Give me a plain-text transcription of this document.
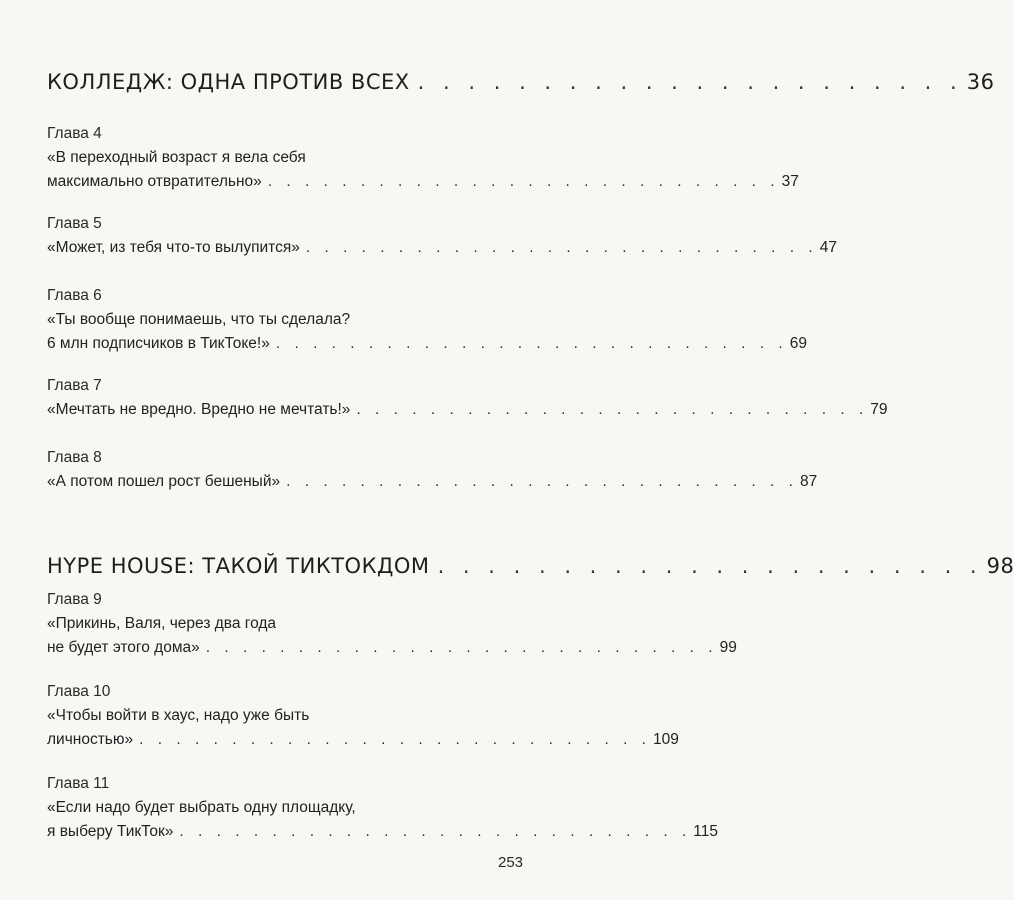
КОЛЛЕДЖ: ОДНА ПРОТИВ ВСЕХ . . . . . . . . . . . . . . . . . . . . . . 36
Глава 4
«В переходный возраст я вела себя
максимально отвратительно» . . . . . . . . . . . . . . . . . . . . . . . . . . . . 37
Глава 5
«Может, из тебя что-то вылупится» . . . . . . . . . . . . . . . . . . . . . . . . . . . . 47
Глава 6
«Ты вообще понимаешь, что ты сделала?
6 млн подписчиков в ТикТоке!» . . . . . . . . . . . . . . . . . . . . . . . . . . . . 69
Глава 7
«Мечтать не вредно. Вредно не мечтать!» . . . . . . . . . . . . . . . . . . . . . . . . . . . . 79
Глава 8
«А потом пошел рост бешеный» . . . . . . . . . . . . . . . . . . . . . . . . . . . . 87
HYPE HOUSE: ТАКОЙ ТИКТОКДОМ . . . . . . . . . . . . . . . . . . . . . . 98
Глава 9
«Прикинь, Валя, через два года
не будет этого дома» . . . . . . . . . . . . . . . . . . . . . . . . . . . . 99
Глава 10
«Чтобы войти в хаус, надо уже быть
личностью» . . . . . . . . . . . . . . . . . . . . . . . . . . . . 109
Глава 11
«Если надо будет выбрать одну площадку,
я выберу ТикТок» . . . . . . . . . . . . . . . . . . . . . . . . . . . . 115
253
